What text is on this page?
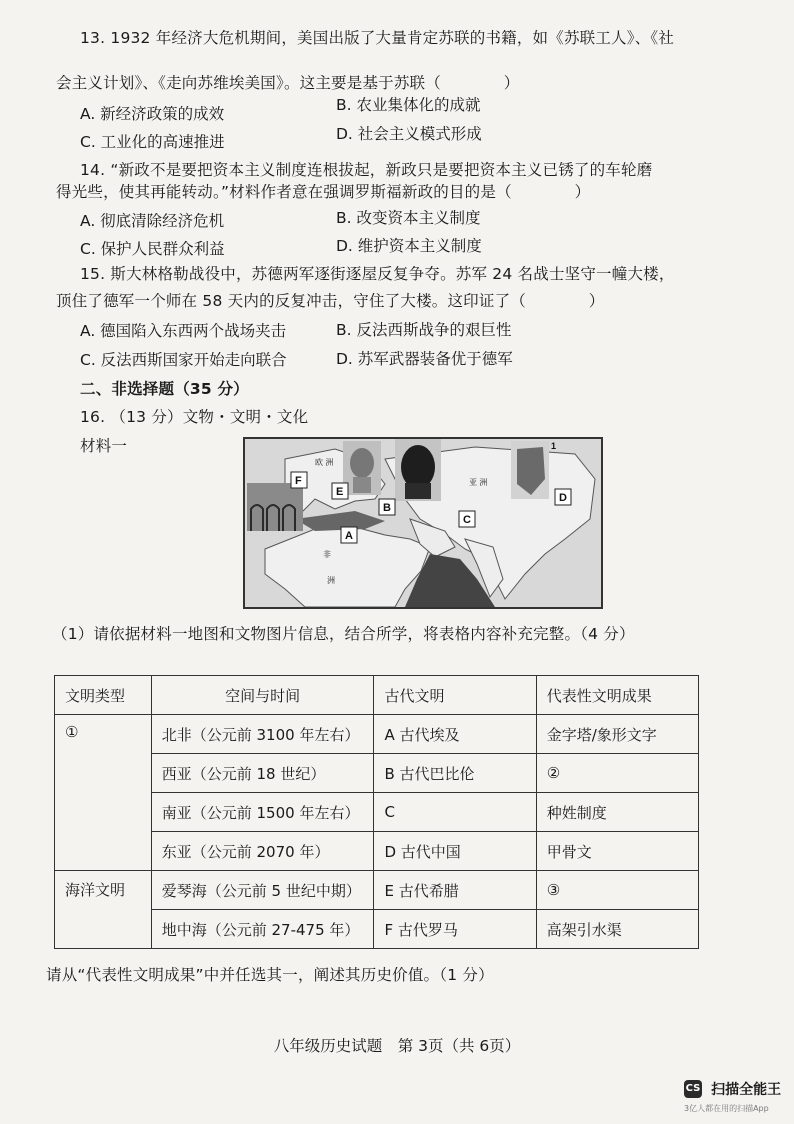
13. 1932 年经济大危机期间，美国出版了大量肯定苏联的书籍，如《苏联工人》、《社
会主义计划》、《走向苏维埃美国》。这主要是基于苏联（　　　　）
A. 新经济政策的成效	B. 农业集体化的成就
C. 工业化的高速推进	D. 社会主义模式形成
14. “新政不是要把资本主义制度连根拔起，新政只是要把资本主义已锈了的车轮磨
得光些，使其再能转动。”材料作者意在强调罗斯福新政的目的是（　　　　）
A. 彻底清除经济危机	B. 改变资本主义制度
C. 保护人民群众利益	D. 维护资本主义制度
15. 斯大林格勒战役中，苏德两军逐街逐屋反复争夺。苏军 24 名战士坚守一幢大楼，
顶住了德军一个师在 58 天内的反复冲击，守住了大楼。这印证了（　　　　）
A. 德国陷入东西两个战场夹击	B. 反法西斯战争的艰巨性
C. 反法西斯国家开始走向联合	D. 苏军武器装备优于德军
二、非选择题（35 分）
16. （13 分）文物・文明・文化
材料一
F
E
B
A
C
D
1
欧 洲
亚 洲
非
洲
（1）请依据材料一地图和文物图片信息，结合所学，将表格内容补充完整。（4 分）
文明类型	空间与时间	古代文明	代表性文明成果
①	北非（公元前 3100 年左右）	A 古代埃及	金字塔/象形文字
	西亚（公元前 18 世纪）	B 古代巴比伦	②
	南亚（公元前 1500 年左右）	C	种姓制度
	东亚（公元前 2070 年）	D 古代中国	甲骨文
海洋文明	爱琴海（公元前 5 世纪中期）	E 古代希腊	③
	地中海（公元前 27-475 年）	F 古代罗马	高架引水渠
请从“代表性文明成果”中并任选其一，阐述其历史价值。（1 分）
八年级历史试题　第 3页（共 6页）
CS 扫描全能王
3亿人都在用的扫描App
